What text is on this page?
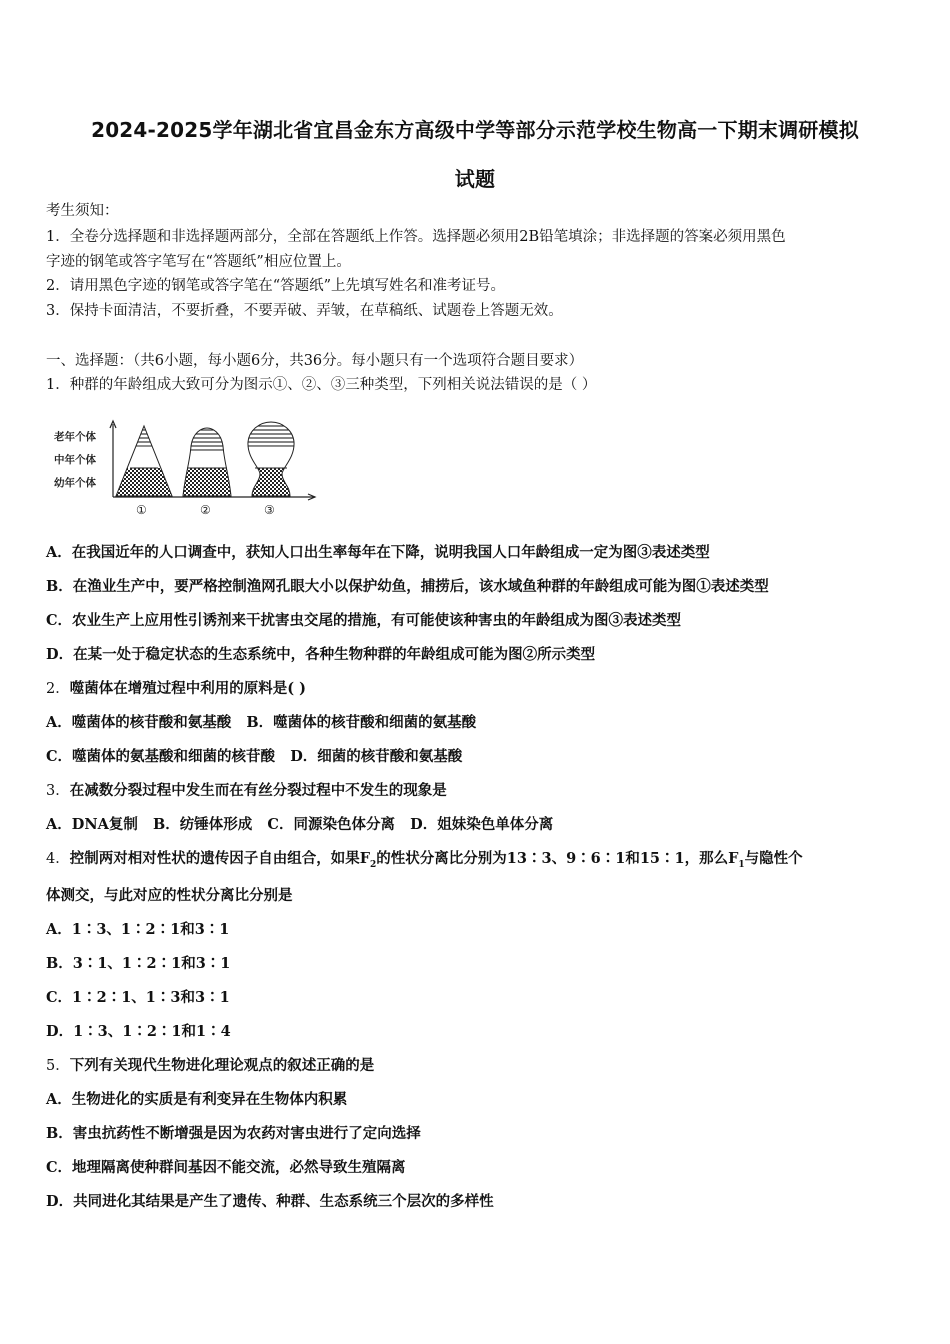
2024-2025学年湖北省宜昌金东方高级中学等部分示范学校生物高一下期末调研模拟
试题
考生须知：
1．全卷分选择题和非选择题两部分，全部在答题纸上作答。选择题必须用2B铅笔填涂；非选择题的答案必须用黑色
字迹的钢笔或答字笔写在“答题纸”相应位置上。
2．请用黑色字迹的钢笔或答字笔在“答题纸”上先填写姓名和准考证号。
3．保持卡面清洁，不要折叠，不要弄破、弄皱，在草稿纸、试题卷上答题无效。
一、选择题：（共6小题，每小题6分，共36分。每小题只有一个选项符合题目要求）
1．种群的年龄组成大致可分为图示①、②、③三种类型，下列相关说法错误的是（ ）
老年个体
中年个体
幼年个体
①	②	③
A．在我国近年的人口调查中，获知人口出生率每年在下降，说明我国人口年龄组成一定为图③表述类型
B．在渔业生产中，要严格控制渔网孔眼大小以保护幼鱼，捕捞后，该水域鱼种群的年龄组成可能为图①表述类型
C．农业生产上应用性引诱剂来干扰害虫交尾的措施，有可能使该种害虫的年龄组成为图③表述类型
D．在某一处于稳定状态的生态系统中，各种生物种群的年龄组成可能为图②所示类型
2．噬菌体在增殖过程中利用的原料是( )
A．噬菌体的核苷酸和氨基酸 B．噬菌体的核苷酸和细菌的氨基酸
C．噬菌体的氨基酸和细菌的核苷酸 D．细菌的核苷酸和氨基酸
3．在减数分裂过程中发生而在有丝分裂过程中不发生的现象是
A．DNA复制 B．纺锤体形成 C．同源染色体分离 D．姐妹染色单体分离
4．控制两对相对性状的遗传因子自由组合，如果$F_2$的性状分离比分别为13∶3、9∶6∶1和15∶1，那么$F_1$与隐性个
体测交，与此对应的性状分离比分别是
A．1∶3、1∶2∶1和3∶1
B．3∶1、1∶2∶1和3∶1
C．1∶2∶1、1∶3和3∶1
D．1∶3、1∶2∶1和1∶4
5．下列有关现代生物进化理论观点的叙述正确的是
A．生物进化的实质是有利变异在生物体内积累
B．害虫抗药性不断增强是因为农药对害虫进行了定向选择
C．地理隔离使种群间基因不能交流，必然导致生殖隔离
D．共同进化其结果是产生了遗传、种群、生态系统三个层次的多样性
